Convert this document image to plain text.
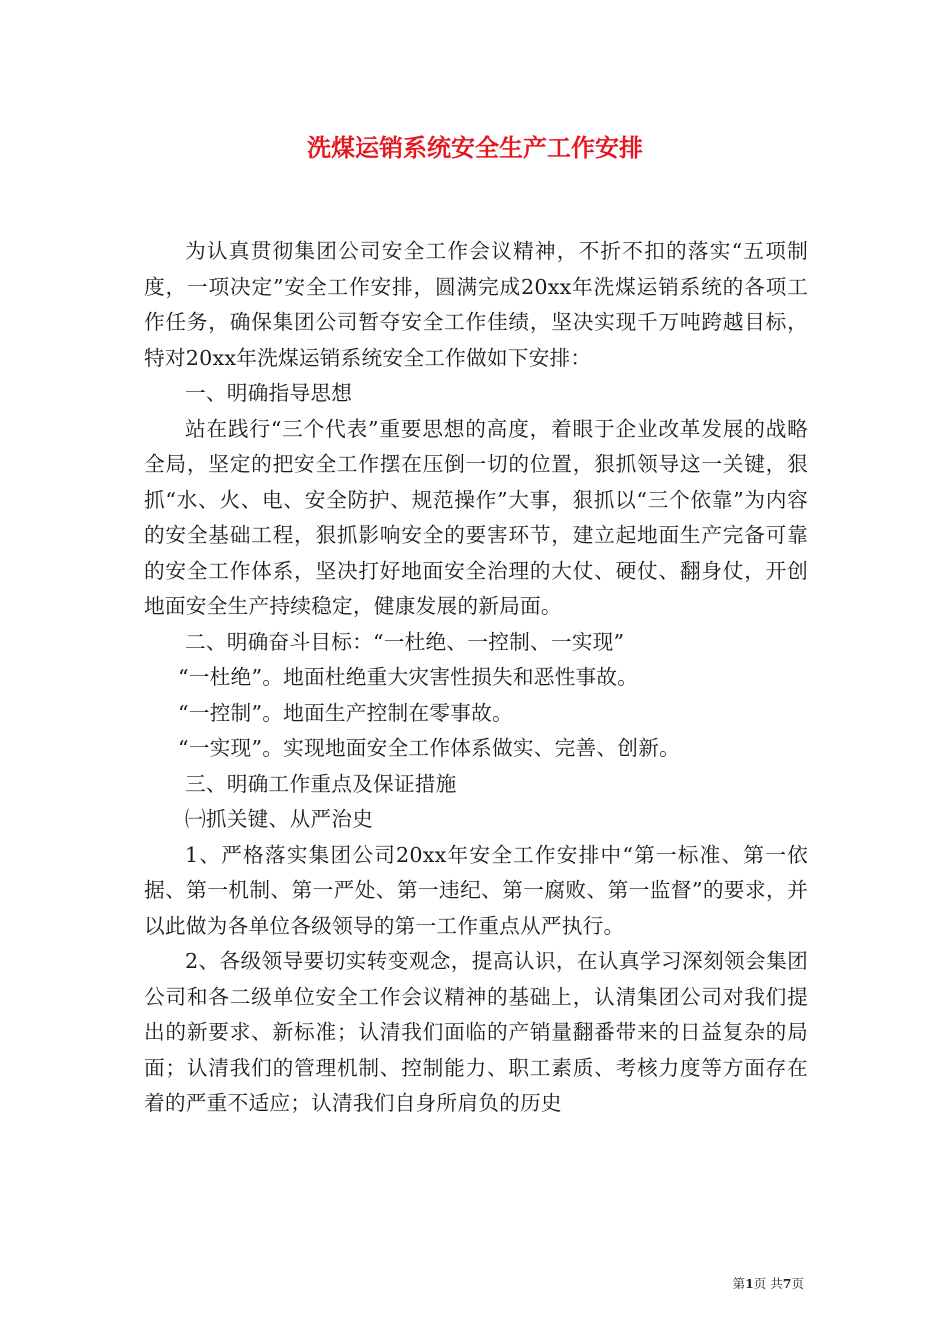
洗煤运销系统安全生产工作安排

为认真贯彻集团公司安全工作会议精神，不折不扣的落实“五项制度，一项决定”安全工作安排，圆满完成20xx年洗煤运销系统的各项工作任务，确保集团公司暂夺安全工作佳绩，坚决实现千万吨跨越目标，特对20xx年洗煤运销系统安全工作做如下安排：

一、明确指导思想

站在践行“三个代表”重要思想的高度，着眼于企业改革发展的战略全局，坚定的把安全工作摆在压倒一切的位置，狠抓领导这一关键，狠抓“水、火、电、安全防护、规范操作”大事，狠抓以“三个依靠”为内容的安全基础工程，狠抓影响安全的要害环节，建立起地面生产完备可靠的安全工作体系，坚决打好地面安全治理的大仗、硬仗、翻身仗，开创地面安全生产持续稳定，健康发展的新局面。

二、明确奋斗目标：“一杜绝、一控制、一实现”

“一杜绝”。地面杜绝重大灾害性损失和恶性事故。

“一控制”。地面生产控制在零事故。

“一实现”。实现地面安全工作体系做实、完善、创新。

三、明确工作重点及保证措施

㈠抓关键、从严治史

1、严格落实集团公司20xx年安全工作安排中“第一标准、第一依据、第一机制、第一严处、第一违纪、第一腐败、第一监督”的要求，并以此做为各单位各级领导的第一工作重点从严执行。

2、各级领导要切实转变观念，提高认识，在认真学习深刻领会集团公司和各二级单位安全工作会议精神的基础上，认清集团公司对我们提出的新要求、新标准；认清我们面临的产销量翻番带来的日益复杂的局面；认清我们的管理机制、控制能力、职工素质、考核力度等方面存在着的严重不适应；认清我们自身所肩负的历史

第1页 共7页
